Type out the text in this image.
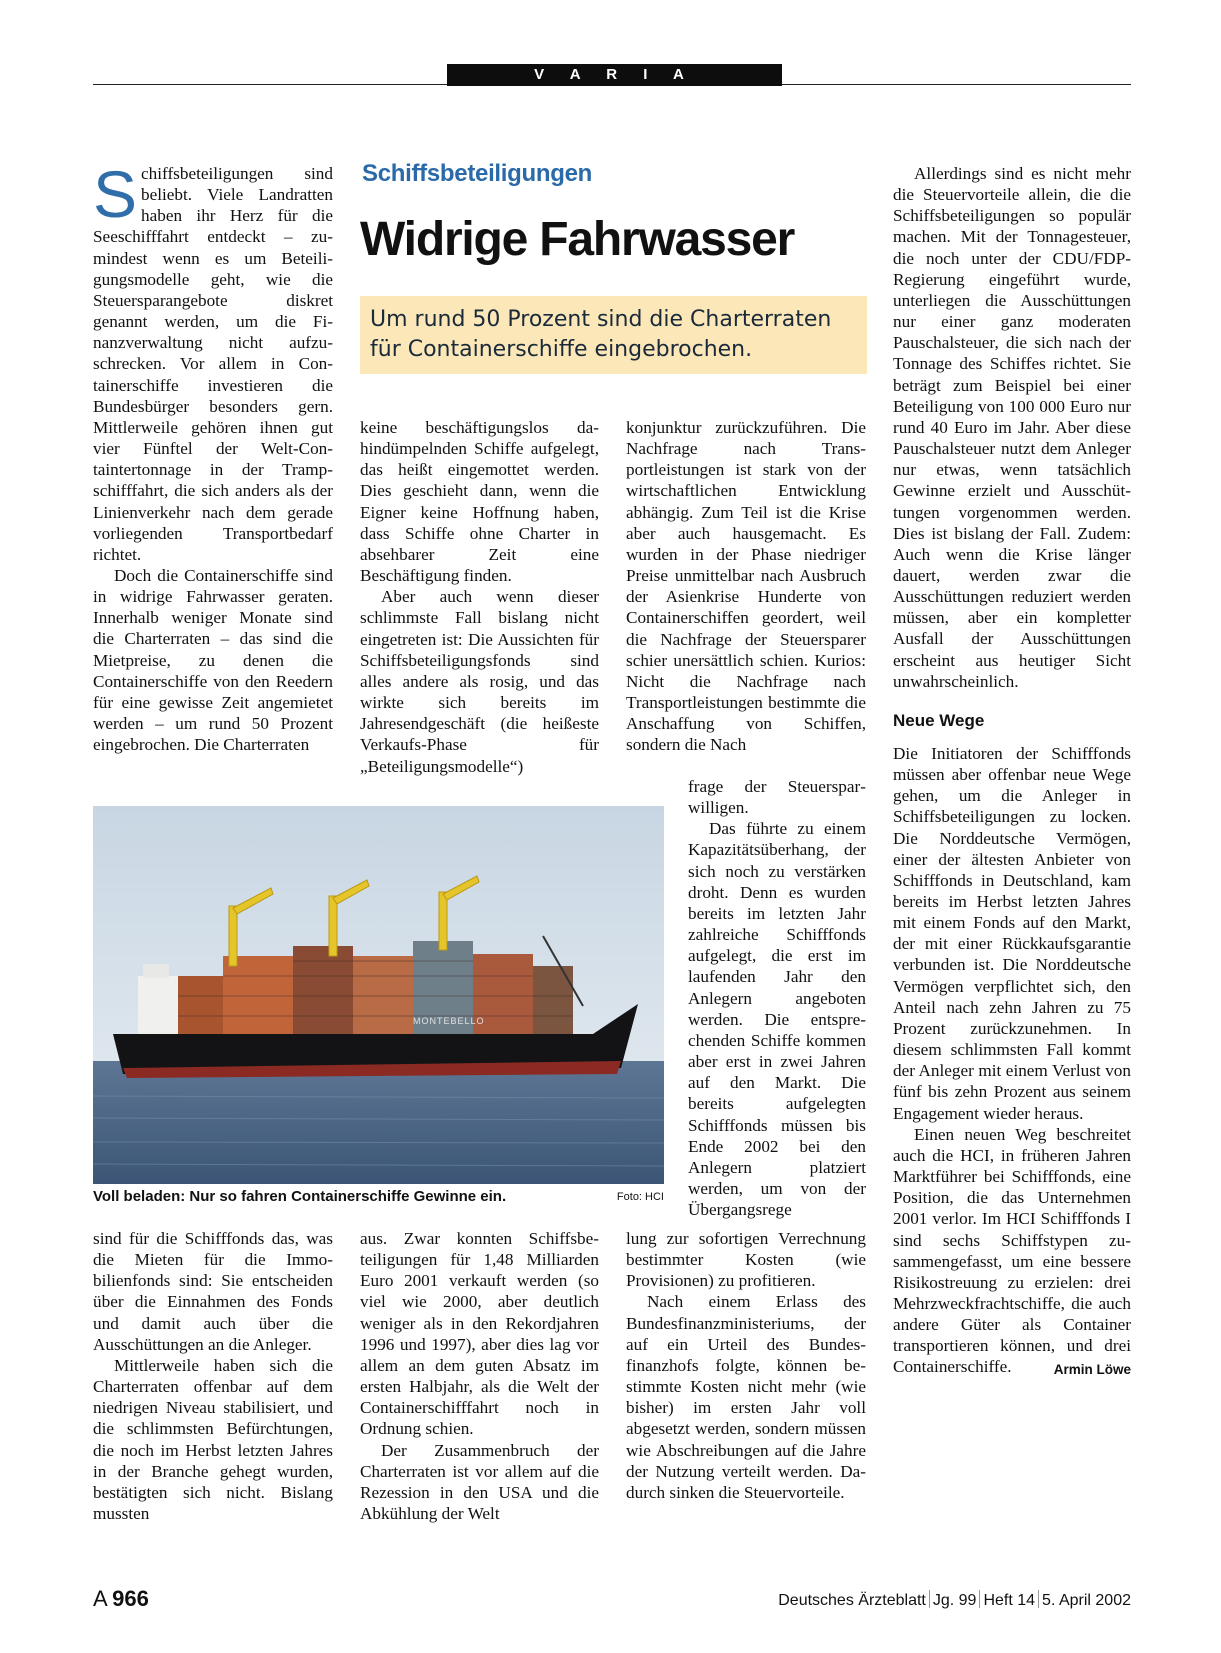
V A R I A

Schiffsbeteiligungen sind beliebt. Viele Landratten haben ihr Herz für die Seeschifffahrt entdeckt – zumindest wenn es um Beteiligungsmodelle geht, wie die Steuersparangebote diskret genannt werden, um die Finanzverwaltung nicht aufzuschrecken. Vor allem in Containerschiffe investieren die Bundesbürger besonders gern. Mittlerweile gehören ihnen gut vier Fünftel der Welt-Containtertonnage in der Trampschifffahrt, die sich anders als der Linienverkehr nach dem gerade vorliegenden Transportbedarf richtet.

Doch die Containerschiffe sind in widrige Fahrwasser geraten. Innerhalb weniger Monate sind die Charterraten – das sind die Mietpreise, zu denen die Containerschiffe von den Reedern für eine gewisse Zeit angemietet werden – um rund 50 Prozent eingebrochen. Die Charterraten

Schiffsbeteiligungen
Widrige Fahrwasser
Um rund 50 Prozent sind die Charterraten für Containerschiffe eingebrochen.

keine beschäftigungslos dahindümpelnden Schiffe aufgelegt, das heißt eingemottet werden. Dies geschieht dann, wenn die Eigner keine Hoffnung haben, dass Schiffe ohne Charter in absehbarer Zeit eine Beschäftigung finden.

Aber auch wenn dieser schlimmste Fall bislang nicht eingetreten ist: Die Aussichten für Schiffsbeteiligungsfonds sind alles andere als rosig, und das wirkte sich bereits im Jahresendgeschäft (die heißeste Verkaufs-Phase für „Beteiligungsmodelle“)

konjunktur zurückzuführen. Die Nachfrage nach Transportleistungen ist stark von der wirtschaftlichen Entwicklung abhängig. Zum Teil ist die Krise aber auch hausgemacht. Es wurden in der Phase niedriger Preise unmittelbar nach Ausbruch der Asienkrise Hunderte von Containerschiffen geordert, weil die Nachfrage der Steuersparer schier unersättlich schien. Kurios: Nicht die Nachfrage nach Transportleistungen bestimmte die Anschaffung von Schiffen, sondern die Nach

frage der Steuersparwilligen.

Das führte zu einem Kapazitätsüberhang, der sich noch zu verstärken droht. Denn es wurden bereits im letzten Jahr zahlreiche Schifffonds aufgelegt, die erst im laufenden Jahr den Anlegern angeboten werden. Die entsprechenden Schiffe kommen aber erst in zwei Jahren auf den Markt. Die bereits aufgelegten Schifffonds müssen bis Ende 2002 bei den Anlegern platziert werden, um von der Übergangsrege

MONTEBELLO
Voll beladen: Nur so fahren Containerschiffe Gewinne ein.	Foto: HCI

sind für die Schifffonds das, was die Mieten für die Immobilienfonds sind: Sie entscheiden über die Einnahmen des Fonds und damit auch über die Ausschüttungen an die Anleger.

Mittlerweile haben sich die Charterraten offenbar auf dem niedrigen Niveau stabilisiert, und die schlimmsten Befürchtungen, die noch im Herbst letzten Jahres in der Branche gehegt wurden, bestätigten sich nicht. Bislang mussten

aus. Zwar konnten Schiffsbeteiligungen für 1,48 Milliarden Euro 2001 verkauft werden (so viel wie 2000, aber deutlich weniger als in den Rekordjahren 1996 und 1997), aber dies lag vor allem an dem guten Absatz im ersten Halbjahr, als die Welt der Containerschifffahrt noch in Ordnung schien.

Der Zusammenbruch der Charterraten ist vor allem auf die Rezession in den USA und die Abkühlung der Welt

lung zur sofortigen Verrechnung bestimmter Kosten (wie Provisionen) zu profitieren.

Nach einem Erlass des Bundesfinanzministeriums, der auf ein Urteil des Bundesfinanzhofs folgte, können bestimmte Kosten nicht mehr (wie bisher) im ersten Jahr voll abgesetzt werden, sondern müssen wie Abschreibungen auf die Jahre der Nutzung verteilt werden. Dadurch sinken die Steuervorteile.

Allerdings sind es nicht mehr die Steuervorteile allein, die die Schiffsbeteiligungen so populär machen. Mit der Tonnagesteuer, die noch unter der CDU/FDP-Regierung eingeführt wurde, unterliegen die Ausschüttungen nur einer ganz moderaten Pauschalsteuer, die sich nach der Tonnage des Schiffes richtet. Sie beträgt zum Beispiel bei einer Beteiligung von 100 000 Euro nur rund 40 Euro im Jahr. Aber diese Pauschalsteuer nutzt dem Anleger nur etwas, wenn tatsächlich Gewinne erzielt und Ausschüttungen vorgenommen werden. Dies ist bislang der Fall. Zudem: Auch wenn die Krise länger dauert, werden zwar die Ausschüttungen reduziert werden müssen, aber ein kompletter Ausfall der Ausschüttungen erscheint aus heutiger Sicht unwahrscheinlich.

Neue Wege

Die Initiatoren der Schifffonds müssen aber offenbar neue Wege gehen, um die Anleger in Schiffsbeteiligungen zu locken. Die Norddeutsche Vermögen, einer der ältesten Anbieter von Schifffonds in Deutschland, kam bereits im Herbst letzten Jahres mit einem Fonds auf den Markt, der mit einer Rückkaufsgarantie verbunden ist. Die Norddeutsche Vermögen verpflichtet sich, den Anteil nach zehn Jahren zu 75 Prozent zurückzunehmen. In diesem schlimmsten Fall kommt der Anleger mit einem Verlust von fünf bis zehn Prozent aus seinem Engagement wieder heraus.

Einen neuen Weg beschreitet auch die HCI, in früheren Jahren Marktführer bei Schifffonds, eine Position, die das Unternehmen 2001 verlor. Im HCI Schifffonds I sind sechs Schiffstypen zusammengefasst, um eine bessere Risikostreuung zu erzielen: drei Mehrzweckfrachtschiffe, die auch andere Güter als Container transportieren können, und drei Containerschiffe.	Armin Löwe

A  966	Deutsches Ärzteblatt Jg. 99 Heft 14 5. April 2002
